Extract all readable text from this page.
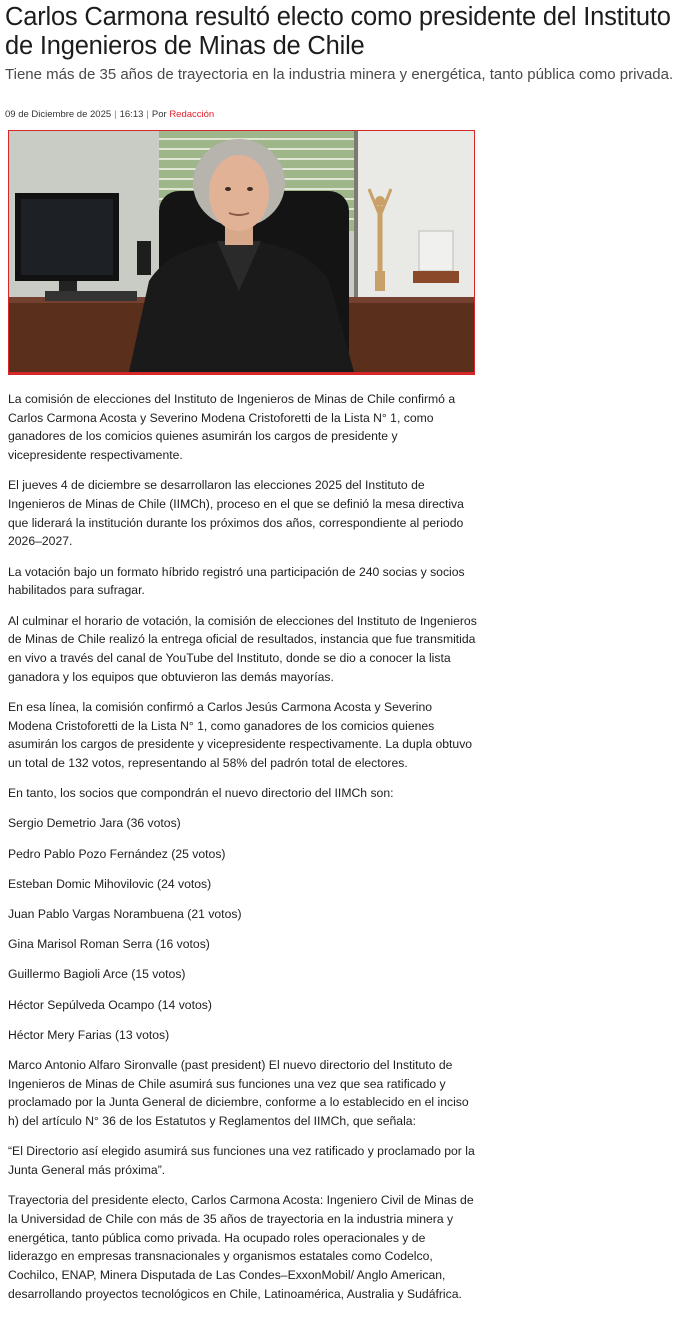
Carlos Carmona resultó electo como presidente del Instituto de Ingenieros de Minas de Chile

Tiene más de 35 años de trayectoria en la industria minera y energética, tanto pública como privada.

09 de Diciembre de 2025 | 16:13 | Por Redacción

La comisión de elecciones del Instituto de Ingenieros de Minas de Chile confirmó a Carlos Carmona Acosta y Severino Modena Cristoforetti de la Lista N° 1, como ganadores de los comicios quienes asumirán los cargos de presidente y vicepresidente respectivamente.

El jueves 4 de diciembre se desarrollaron las elecciones 2025 del Instituto de Ingenieros de Minas de Chile (IIMCh), proceso en el que se definió la mesa directiva que liderará la institución durante los próximos dos años, correspondiente al periodo 2026–2027.

La votación bajo un formato híbrido registró una participación de 240 socias y socios habilitados para sufragar.

Al culminar el horario de votación, la comisión de elecciones del Instituto de Ingenieros de Minas de Chile realizó la entrega oficial de resultados, instancia que fue transmitida en vivo a través del canal de YouTube del Instituto, donde se dio a conocer la lista ganadora y los equipos que obtuvieron las demás mayorías.

En esa línea, la comisión confirmó a Carlos Jesús Carmona Acosta y Severino Modena Cristoforetti de la Lista N° 1, como ganadores de los comicios quienes asumirán los cargos de presidente y vicepresidente respectivamente. La dupla obtuvo un total de 132 votos, representando al 58% del padrón total de electores.

En tanto, los socios que compondrán el nuevo directorio del IIMCh son:

Sergio Demetrio Jara (36 votos)

Pedro Pablo Pozo Fernández (25 votos)

Esteban Domic Mihovilovic (24 votos)

Juan Pablo Vargas Norambuena (21 votos)

Gina Marisol Roman Serra (16 votos)

Guillermo Bagioli Arce (15 votos)

Héctor Sepúlveda Ocampo (14 votos)

Héctor Mery Farias (13 votos)

Marco Antonio Alfaro Sironvalle (past president) El nuevo directorio del Instituto de Ingenieros de Minas de Chile asumirá sus funciones una vez que sea ratificado y proclamado por la Junta General de diciembre, conforme a lo establecido en el inciso h) del artículo N° 36 de los Estatutos y Reglamentos del IIMCh, que señala:

“El Directorio así elegido asumirá sus funciones una vez ratificado y proclamado por la Junta General más próxima”.

Trayectoria del presidente electo, Carlos Carmona Acosta: Ingeniero Civil de Minas de la Universidad de Chile con más de 35 años de trayectoria en la industria minera y energética, tanto pública como privada. Ha ocupado roles operacionales y de liderazgo en empresas transnacionales y organismos estatales como Codelco, Cochilco, ENAP, Minera Disputada de Las Condes–ExxonMobil/ Anglo American, desarrollando proyectos tecnológicos en Chile, Latinoamérica, Australia y Sudáfrica.
